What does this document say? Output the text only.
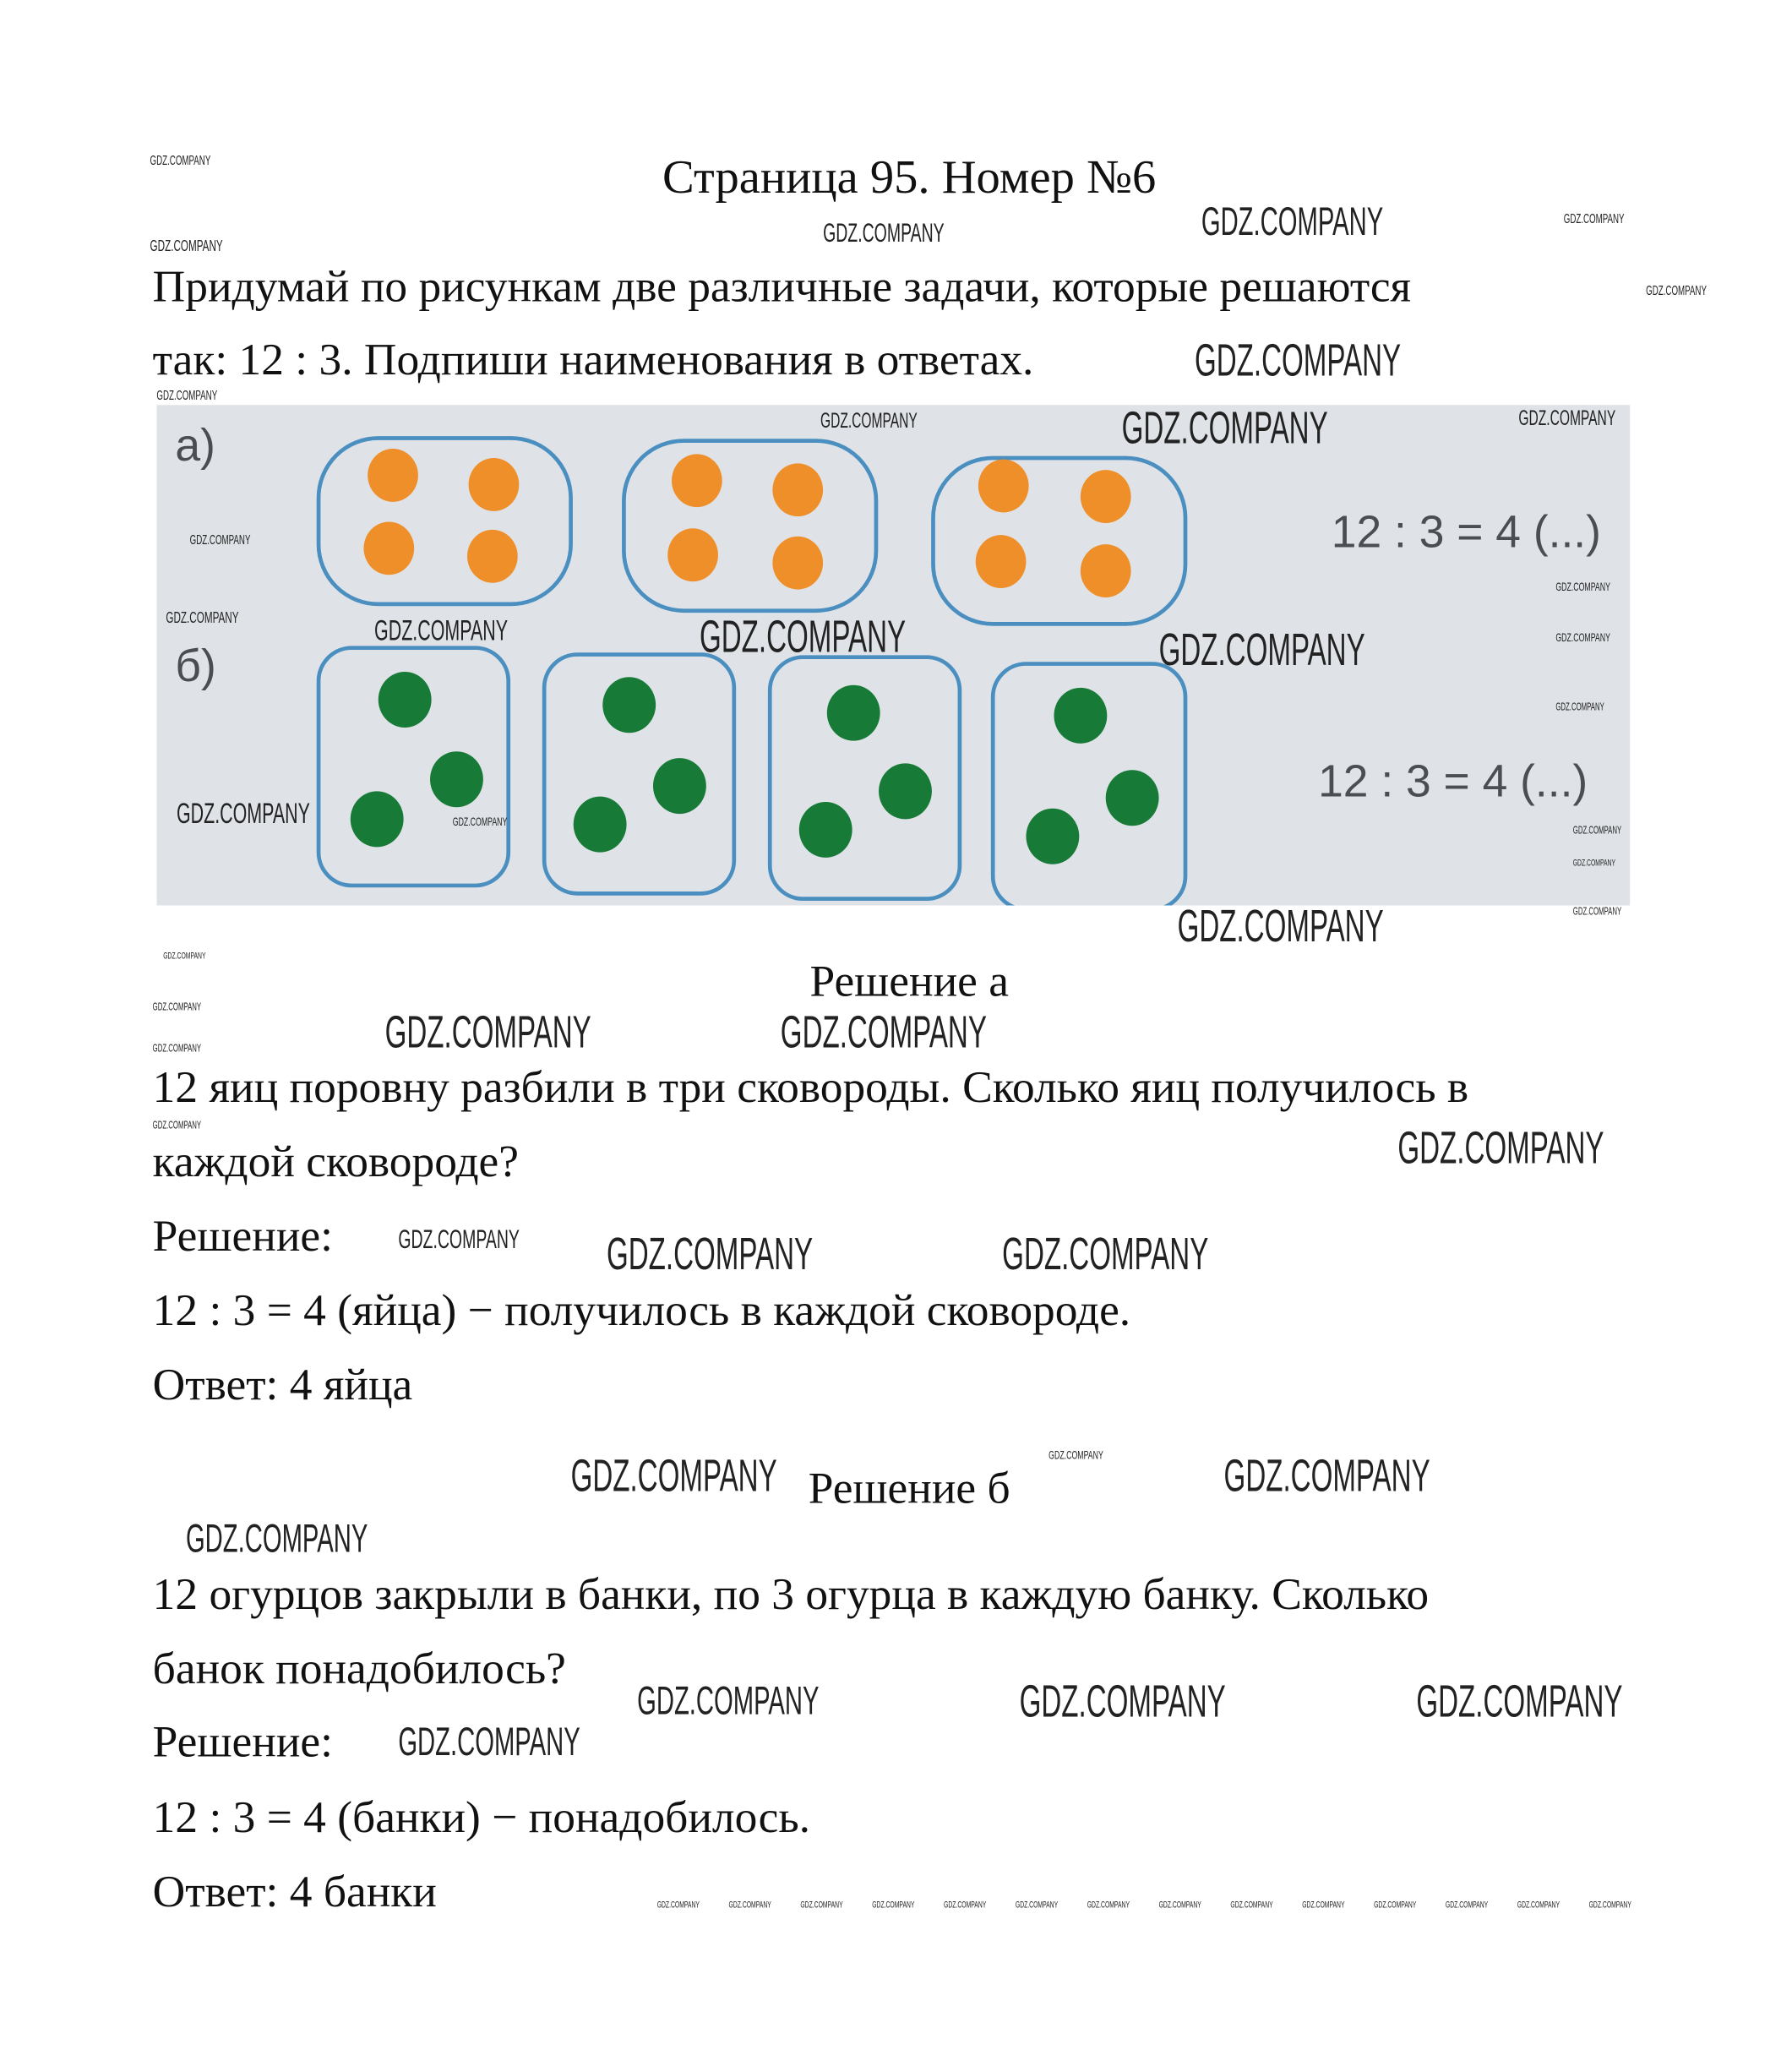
Страница 95. Номер №6
Придумай по рисункам две различные задачи, которые решаются
так: 12 : 3. Подпиши наименования в ответах.
а)
б)
12 : 3 = 4 (...)
12 : 3 = 4 (...)
Решение а
12 яиц поровну разбили в три сковороды. Сколько яиц получилось в
каждой сковороде?
Решение:
12 : 3 = 4 (яйца) − получилось в каждой сковороде.
Ответ: 4 яйца
Решение б
12 огурцов закрыли в банки, по 3 огурца в каждую банку. Сколько
банок понадобилось?
Решение:
12 : 3 = 4 (банки) − понадобилось.
Ответ: 4 банки
GDZ.COMPANY
GDZ.COMPANY
GDZ.COMPANY
GDZ.COMPANY
GDZ.COMPANY	GDZ.COMPANY	GDZ.COMPANY
GDZ.COMPANY
GDZ.COMPANY
GDZ.COMPANY	GDZ.COMPANY
GDZ.COMPANY
GDZ.COMPANY	GDZ.COMPANY
GDZ.COMPANY
GDZ.COMPANY	GDZ.COMPANY
GDZ.COMPANY
GDZ.COMPANY	GDZ.COMPANY	GDZ.COMPANY
GDZ.COMPANY
GDZ.COMPANY
GDZ.COMPANY
GDZ.COMPANY
GDZ.COMPANY
GDZ.COMPANY
GDZ.COMPANY	GDZ.COMPANY
GDZ.COMPANY
GDZ.COMPANY
GDZ.COMPANY
GDZ.COMPANY
GDZ.COMPANY
GDZ.COMPANY
GDZ.COMPANY
GDZ.COMPANY
GDZ.COMPANY
GDZ.COMPANY
GDZ.COMPANY
GDZ.COMPANY
GDZ.COMPANY
GDZ.COMPANY
GDZ.COMPANY	GDZ.COMPANY	GDZ.COMPANY	GDZ.COMPANY	GDZ.COMPANY	GDZ.COMPANY	GDZ.COMPANY	GDZ.COMPANY	GDZ.COMPANY	GDZ.COMPANY	GDZ.COMPANY	GDZ.COMPANY	GDZ.COMPANY	GDZ.COMPANY
